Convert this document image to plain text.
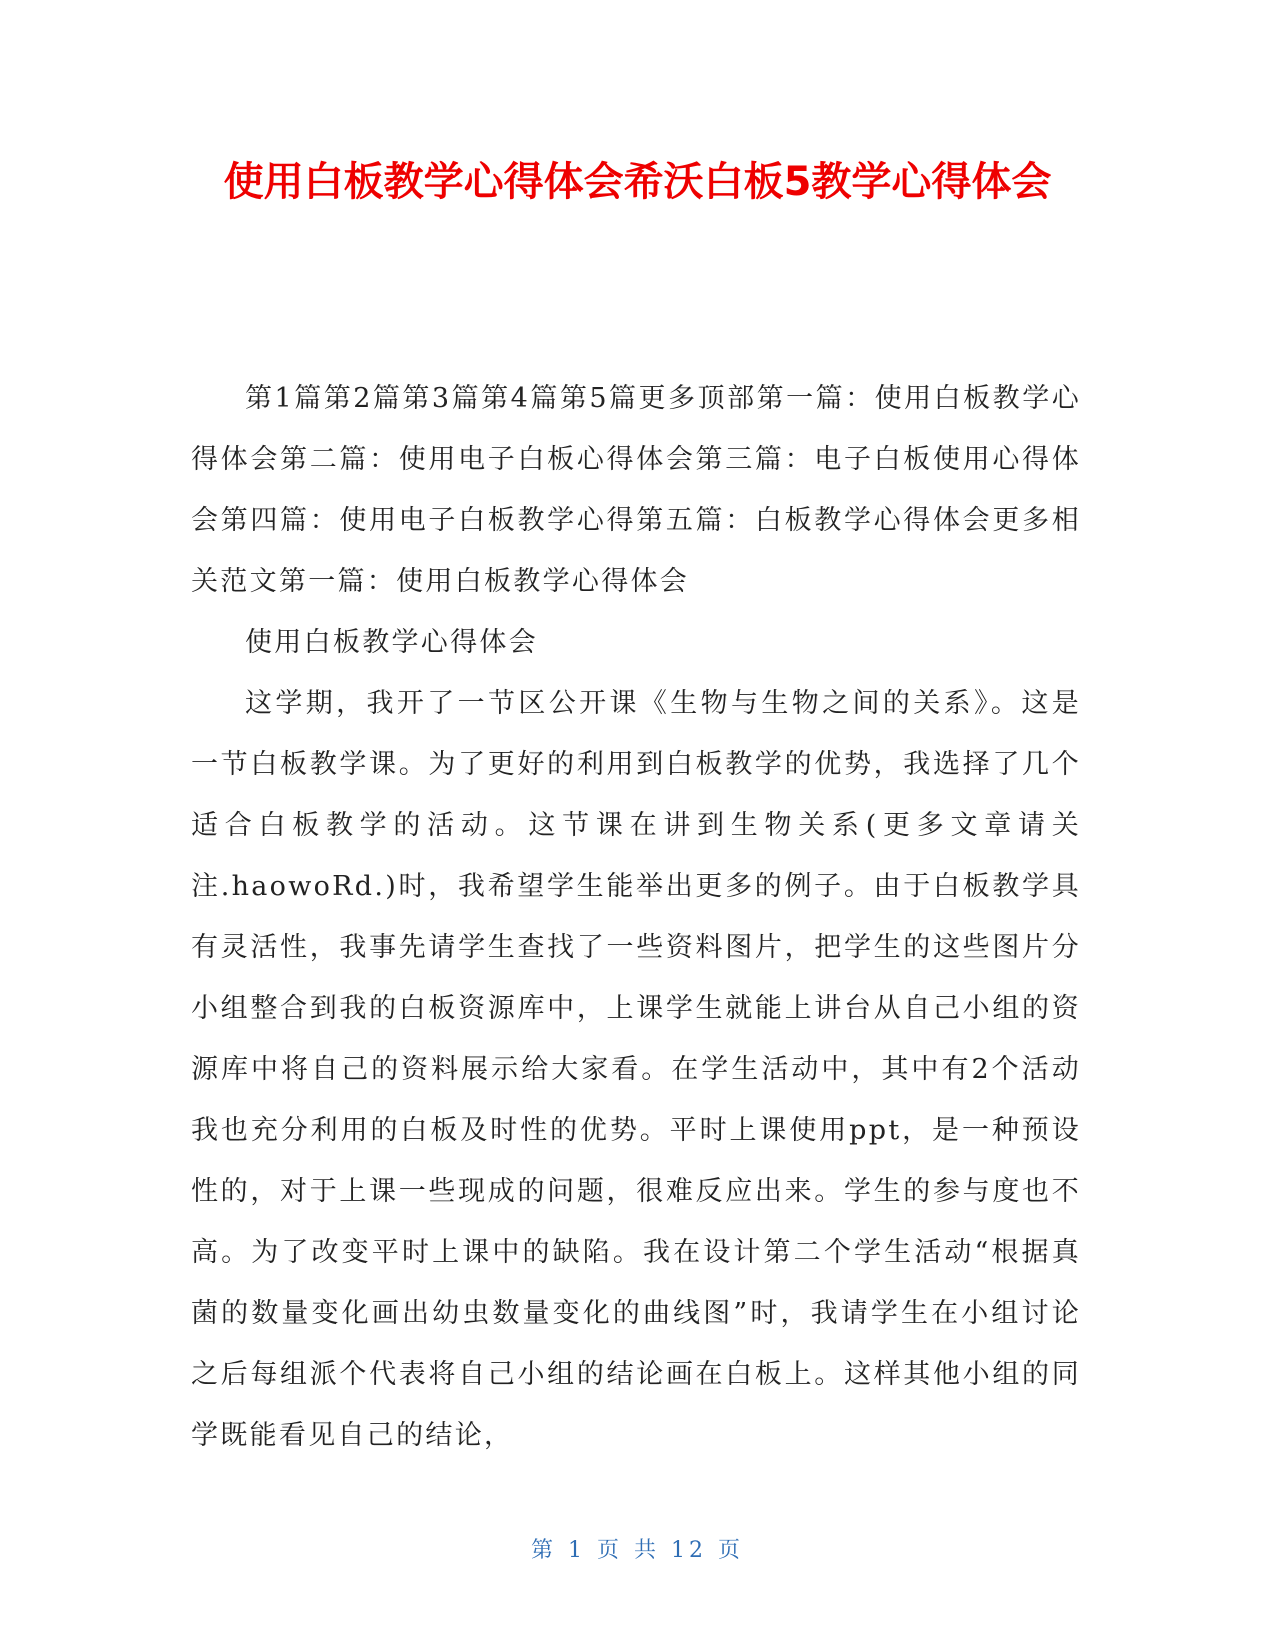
使用白板教学心得体会希沃白板5教学心得体会

第1篇第2篇第3篇第4篇第5篇更多顶部第一篇：使用白板教学心得体会第二篇：使用电子白板心得体会第三篇：电子白板使用心得体会第四篇：使用电子白板教学心得第五篇：白板教学心得体会更多相关范文第一篇：使用白板教学心得体会

使用白板教学心得体会

这学期，我开了一节区公开课《生物与生物之间的关系》。这是一节白板教学课。为了更好的利用到白板教学的优势，我选择了几个适合白板教学的活动。这节课在讲到生物关系(更多文章请关注.haowoRd.)时，我希望学生能举出更多的例子。由于白板教学具有灵活性，我事先请学生查找了一些资料图片，把学生的这些图片分小组整合到我的白板资源库中，上课学生就能上讲台从自己小组的资源库中将自己的资料展示给大家看。在学生活动中，其中有2个活动我也充分利用的白板及时性的优势。平时上课使用ppt，是一种预设性的，对于上课一些现成的问题，很难反应出来。学生的参与度也不高。为了改变平时上课中的缺陷。我在设计第二个学生活动“根据真菌的数量变化画出幼虫数量变化的曲线图”时，我请学生在小组讨论之后每组派个代表将自己小组的结论画在白板上。这样其他小组的同学既能看见自己的结论，

第 1 页 共 12 页
